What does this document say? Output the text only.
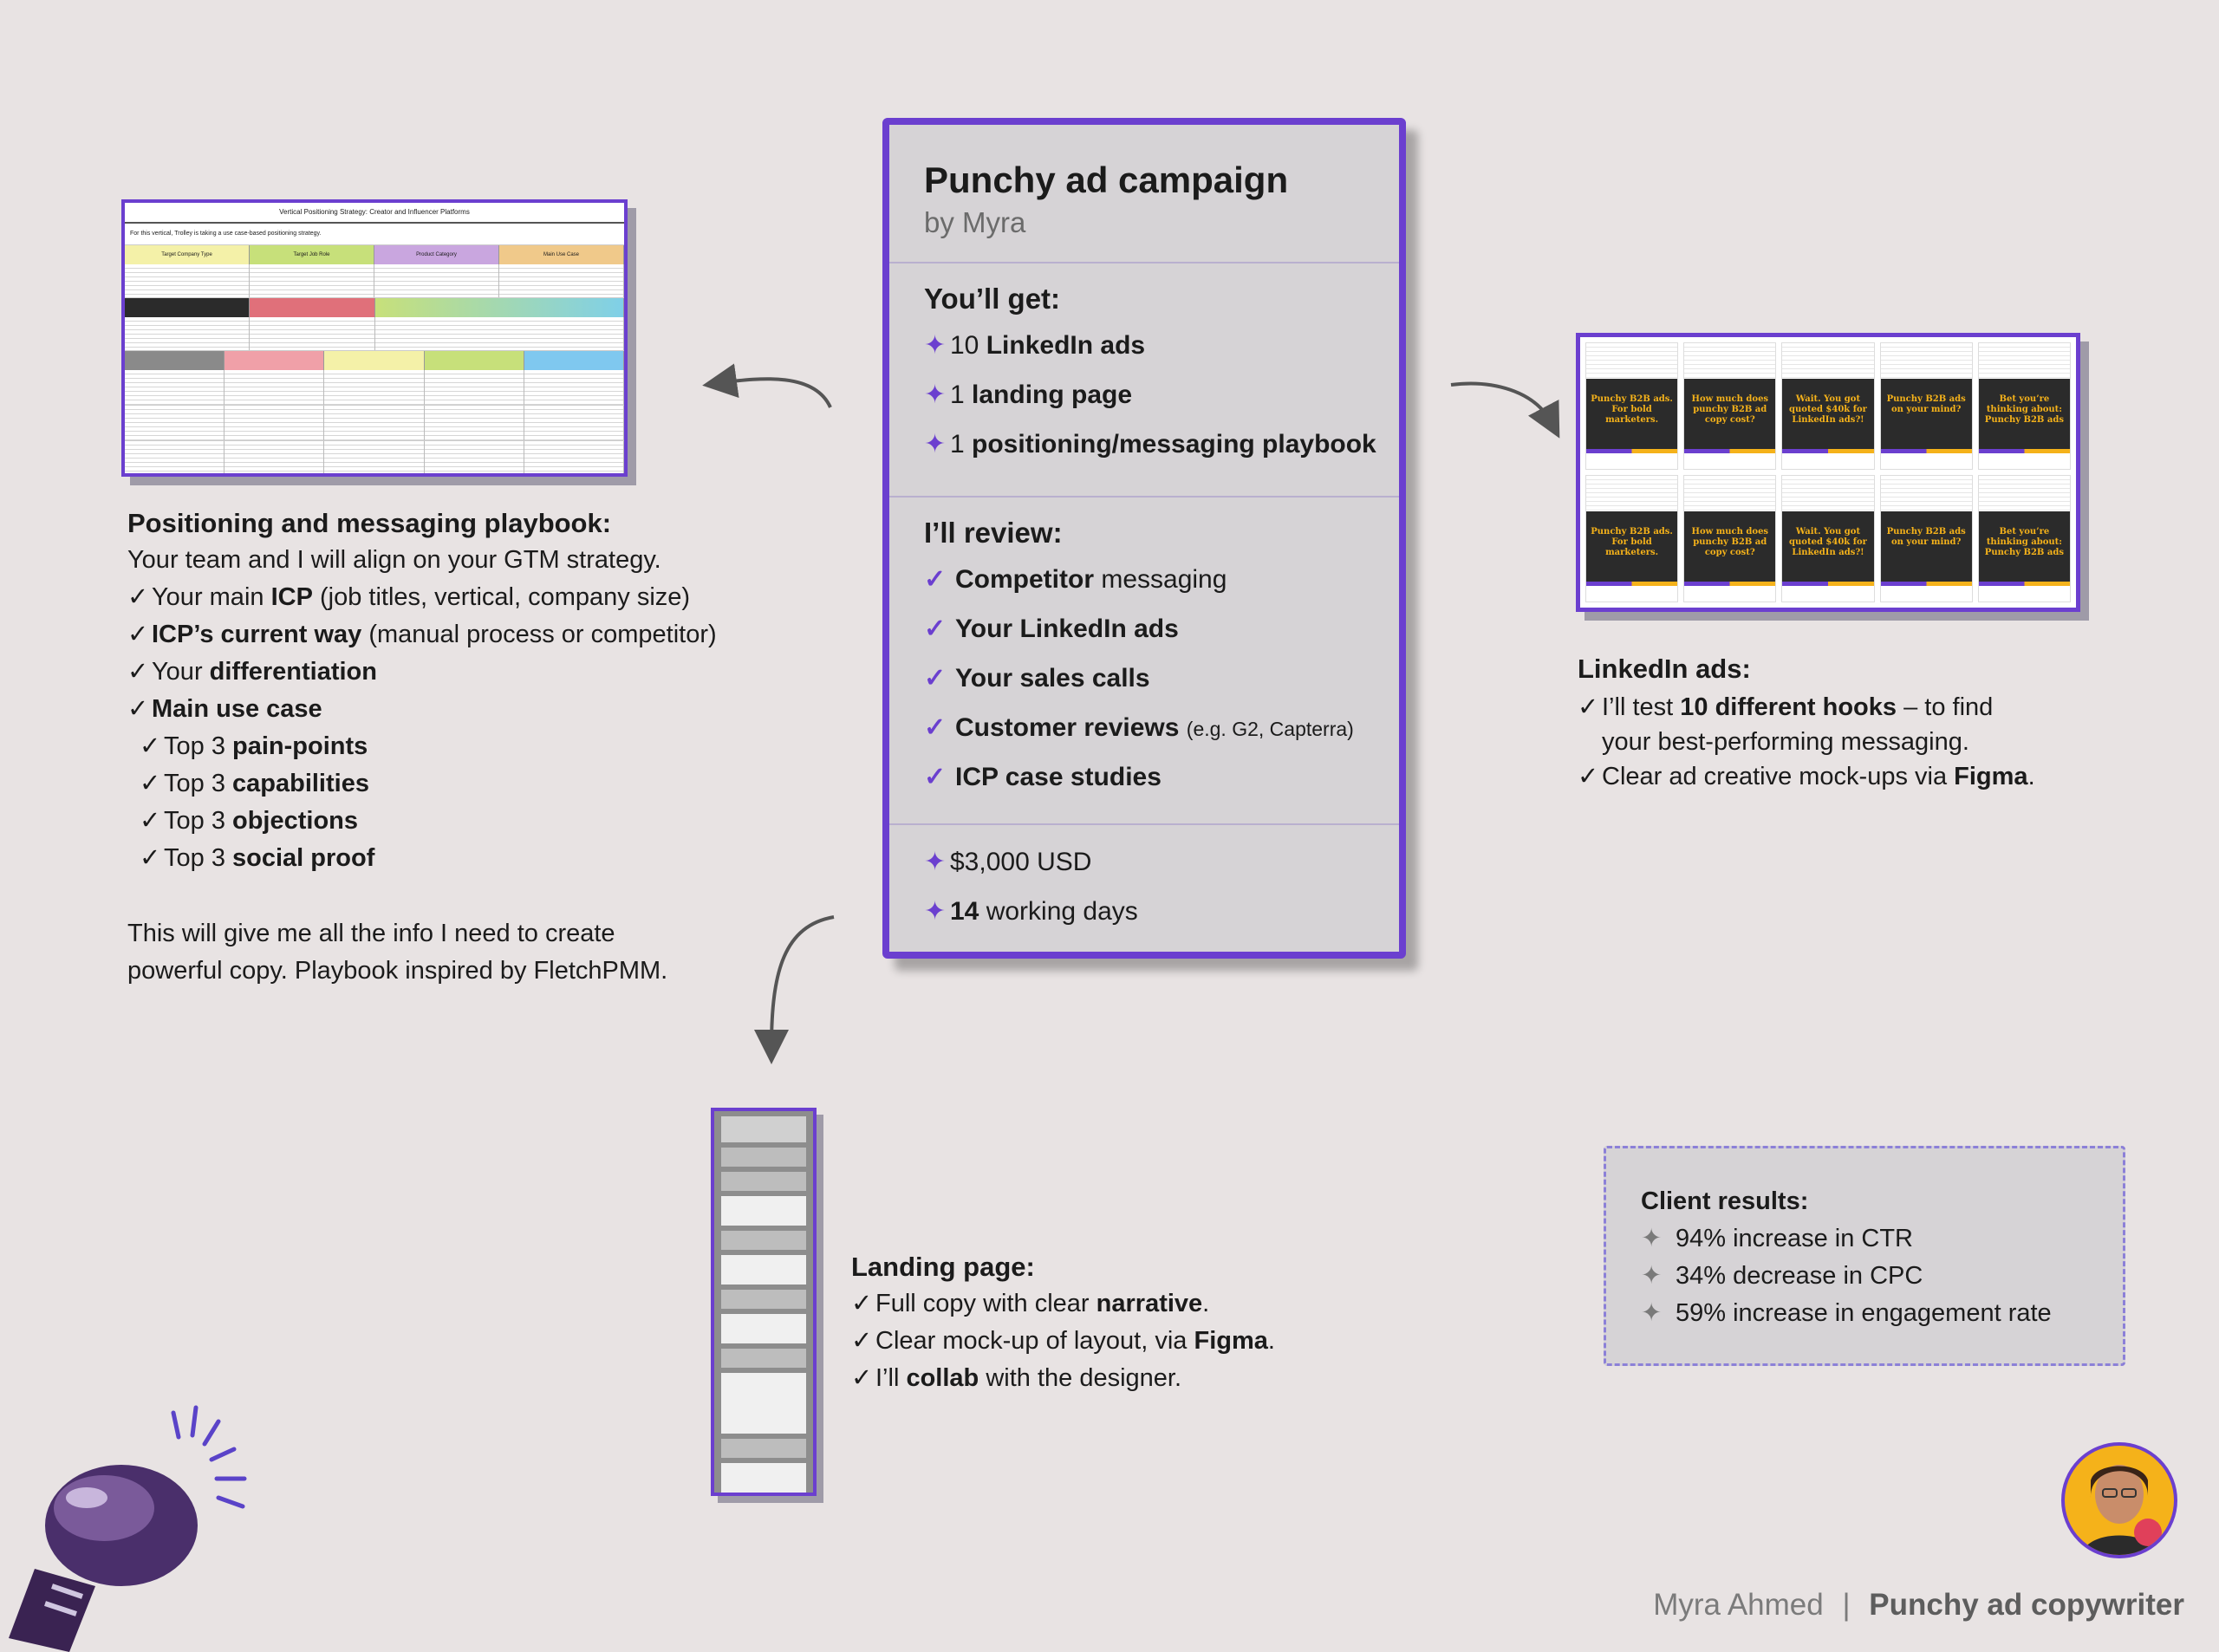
Vertical Positioning Strategy: Creator and Influencer Platforms
For this vertical, Trolley is taking a use case-based positioning strategy.
Target Company Type	Target Job Role	Product Category	Main Use Case
Positioning and messaging playbook:
Your team and I will align on your GTM strategy.
✓ Your main ICP (job titles, vertical, company size)
✓ ICP’s current way (manual process or competitor)
✓ Your differentiation
✓ Main use case
✓ Top 3 pain-points
✓ Top 3 capabilities
✓ Top 3 objections
✓ Top 3 social proof
This will give me all the info I need to create
powerful copy. Playbook inspired by FletchPMM.
Punchy ad campaign
by Myra
You’ll get:
✦ 10 LinkedIn ads
✦ 1 landing page
✦ 1 positioning/messaging playbook
I’ll review:
✓ Competitor messaging
✓ Your LinkedIn ads
✓ Your sales calls
✓ Customer reviews (e.g. G2, Capterra)
✓ ICP case studies
✦ $3,000 USD
✦ 14 working days
Punchy B2B ads. For bold marketers.
How much does punchy B2B ad copy cost?
Wait. You got quoted $40k for LinkedIn ads?!
Punchy B2B ads on your mind?
Bet you’re thinking about: Punchy B2B ads
Punchy B2B ads. For bold marketers.
How much does punchy B2B ad copy cost?
Wait. You got quoted $40k for LinkedIn ads?!
Punchy B2B ads on your mind?
Bet you’re thinking about: Punchy B2B ads
LinkedIn ads:
✓ I’ll test 10 different hooks – to find
your best-performing messaging.
✓ Clear ad creative mock-ups via Figma.
Landing page:
✓ Full copy with clear narrative.
✓ Clear mock-up of layout, via Figma.
✓ I’ll collab with the designer.
Client results:
✦ 94% increase in CTR
✦ 34% decrease in CPC
✦ 59% increase in engagement rate
Myra Ahmed | Punchy ad copywriter
